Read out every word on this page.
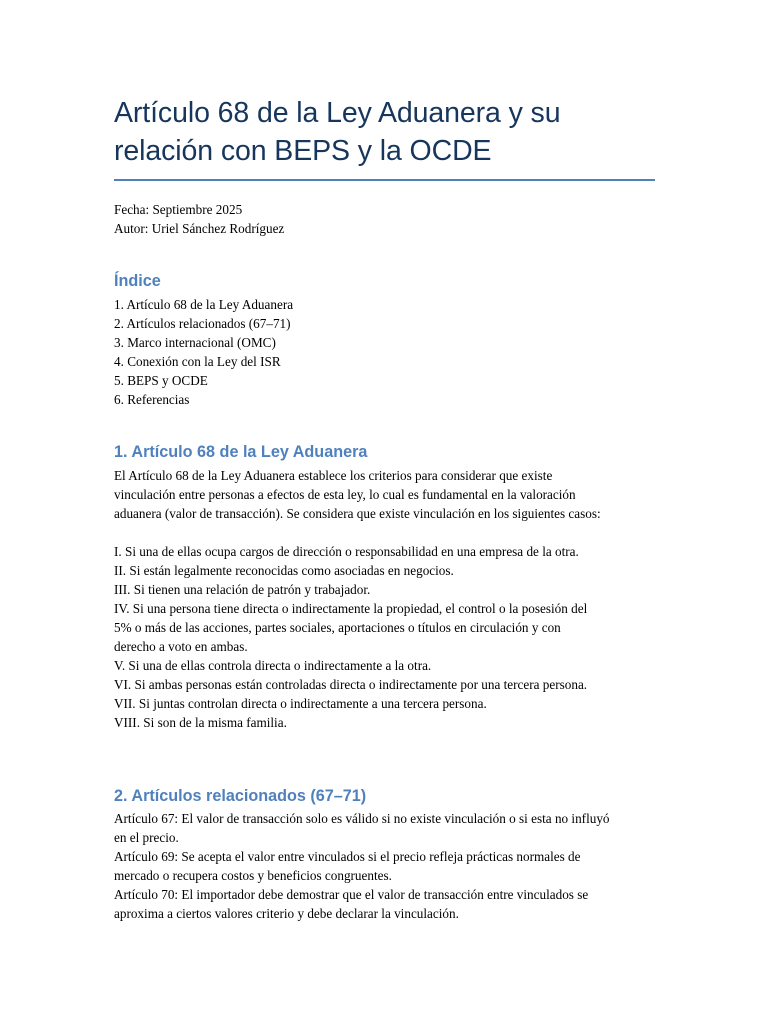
Artículo 68 de la Ley Aduanera y su relación con BEPS y la OCDE
Fecha: Septiembre 2025
Autor: Uriel Sánchez Rodríguez
Índice
1. Artículo 68 de la Ley Aduanera
2. Artículos relacionados (67–71)
3. Marco internacional (OMC)
4. Conexión con la Ley del ISR
5. BEPS y OCDE
6. Referencias
1. Artículo 68 de la Ley Aduanera
El Artículo 68 de la Ley Aduanera establece los criterios para considerar que existe
vinculación entre personas a efectos de esta ley, lo cual es fundamental en la valoración
aduanera (valor de transacción). Se considera que existe vinculación en los siguientes casos:
I. Si una de ellas ocupa cargos de dirección o responsabilidad en una empresa de la otra.
II. Si están legalmente reconocidas como asociadas en negocios.
III. Si tienen una relación de patrón y trabajador.
IV. Si una persona tiene directa o indirectamente la propiedad, el control o la posesión del
5% o más de las acciones, partes sociales, aportaciones o títulos en circulación y con
derecho a voto en ambas.
V. Si una de ellas controla directa o indirectamente a la otra.
VI. Si ambas personas están controladas directa o indirectamente por una tercera persona.
VII. Si juntas controlan directa o indirectamente a una tercera persona.
VIII. Si son de la misma familia.
2. Artículos relacionados (67–71)
Artículo 67: El valor de transacción solo es válido si no existe vinculación o si esta no influyó
en el precio.
Artículo 69: Se acepta el valor entre vinculados si el precio refleja prácticas normales de
mercado o recupera costos y beneficios congruentes.
Artículo 70: El importador debe demostrar que el valor de transacción entre vinculados se
aproxima a ciertos valores criterio y debe declarar la vinculación.
